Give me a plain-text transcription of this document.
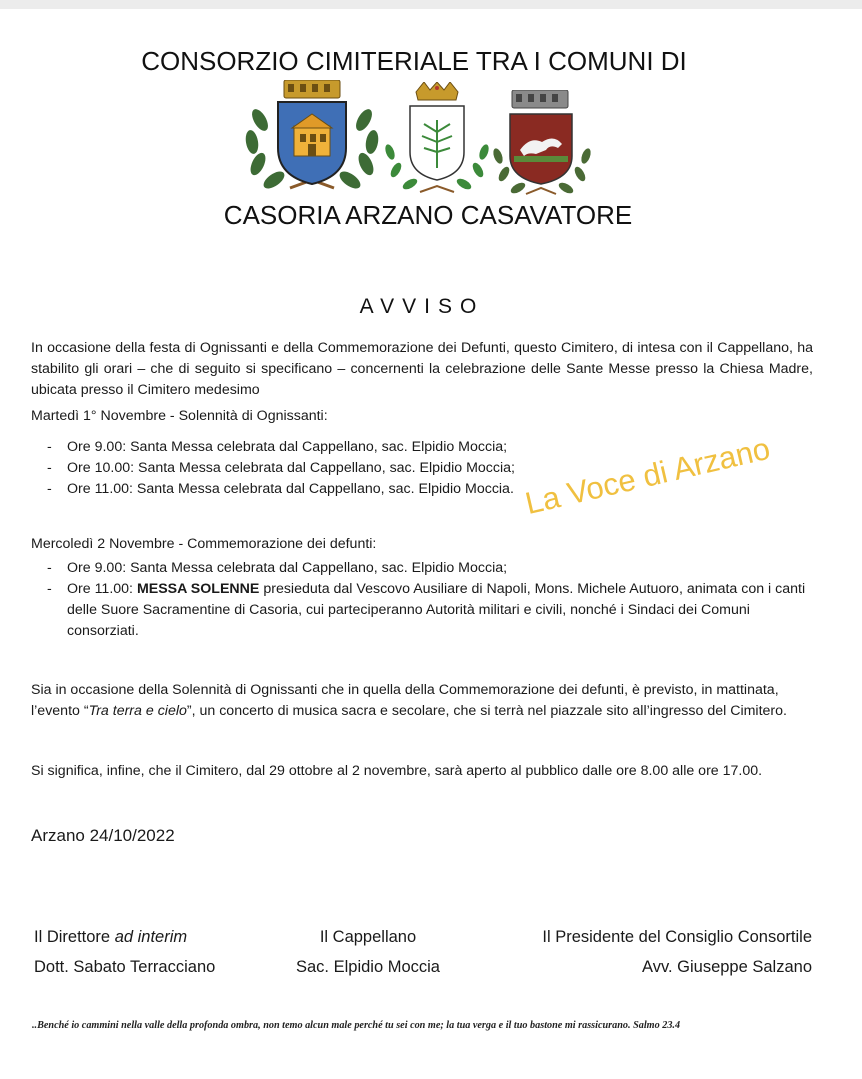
CONSORZIO CIMITERIALE TRA I COMUNI DI
CASORIA ARZANO CASAVATORE
AVVISO
In occasione della festa di Ognissanti e della Commemorazione dei Defunti, questo Cimitero, di intesa con il Cappellano, ha stabilito gli orari – che di seguito si specificano – concernenti la celebrazione delle Sante Messe presso la Chiesa Madre, ubicata presso il Cimitero medesimo
Martedì 1° Novembre - Solennità di Ognissanti:
- Ore 9.00: Santa Messa celebrata dal Cappellano, sac. Elpidio Moccia;
- Ore 10.00: Santa Messa celebrata dal Cappellano, sac. Elpidio Moccia;
- Ore 11.00: Santa Messa celebrata dal Cappellano, sac. Elpidio Moccia. La Voce di Arzano
Mercoledì 2 Novembre - Commemorazione dei defunti:
- Ore 9.00: Santa Messa celebrata dal Cappellano, sac. Elpidio Moccia;
- Ore 11.00: MESSA SOLENNE presieduta dal Vescovo Ausiliare di Napoli, Mons. Michele Autuoro, animata con i canti delle Suore Sacramentine di Casoria, cui parteciperanno Autorità militari e civili, nonché i Sindaci dei Comuni consorziati.
Sia in occasione della Solennità di Ognissanti che in quella della Commemorazione dei defunti, è previsto, in mattinata, l’evento “Tra terra e cielo”, un concerto di musica sacra e secolare, che si terrà nel piazzale sito all’ingresso del Cimitero.
Si significa, infine, che il Cimitero, dal 29 ottobre al 2 novembre, sarà aperto al pubblico dalle ore 8.00 alle ore 17.00.
Arzano 24/10/2022
Il Direttore ad interim
Dott. Sabato Terracciano
Il Cappellano
Sac. Elpidio Moccia
Il Presidente del Consiglio Consortile
Avv. Giuseppe Salzano
..Benché io cammini nella valle della profonda ombra, non temo alcun male perché tu sei con me; la tua verga e il tuo bastone mi rassicurano. Salmo 23.4
